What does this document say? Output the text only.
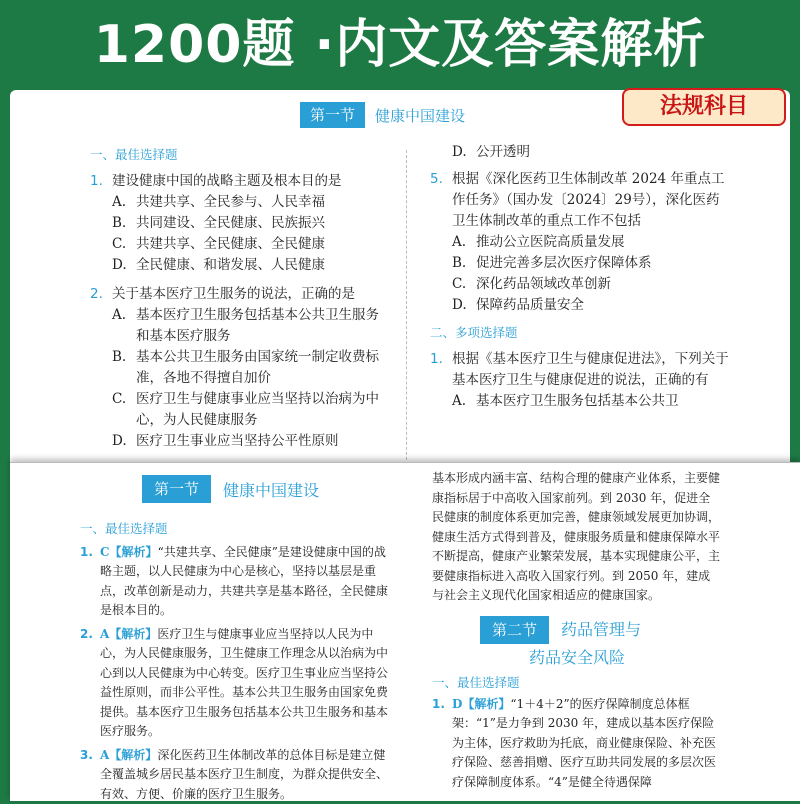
1200题 ·内文及答案解析
法规科目
第一节	健康中国建设
一、最佳选择题
1. 建设健康中国的战略主题及根本目的是
A. 共建共享、全民参与、人民幸福
B. 共同建设、全民健康、民族振兴
C. 共建共享、全民健康、全民健康
D. 全民健康、和谐发展、人民健康
2. 关于基本医疗卫生服务的说法，正确的是
A. 基本医疗卫生服务包括基本公共卫生服务和基本医疗服务
B. 基本公共卫生服务由国家统一制定收费标准，各地不得擅自加价
C. 医疗卫生与健康事业应当坚持以治病为中心，为人民健康服务
D. 医疗卫生事业应当坚持公平性原则
D. 公开透明
5. 根据《深化医药卫生体制改革 2024 年重点工作任务》（国办发〔2024〕29号），深化医药卫生体制改革的重点工作不包括
A. 推动公立医院高质量发展
B. 促进完善多层次医疗保障体系
C. 深化药品领域改革创新
D. 保障药品质量安全
二、多项选择题
1. 根据《基本医疗卫生与健康促进法》，下列关于基本医疗卫生与健康促进的说法，正确的有
A. 基本医疗卫生服务包括基本公共卫
第一节	健康中国建设
一、最佳选择题
1. C【解析】“共建共享、全民健康”是建设健康中国的战略主题，以人民健康为中心是核心，坚持以基层是重点，改革创新是动力，共建共享是基本路径，全民健康是根本目的。
2. A【解析】医疗卫生与健康事业应当坚持以人民为中心，为人民健康服务，卫生健康工作理念从以治病为中心到以人民健康为中心转变。医疗卫生事业应当坚持公益性原则，而非公平性。基本公共卫生服务由国家免费提供。基本医疗卫生服务包括基本公共卫生服务和基本医疗服务。
3. A【解析】深化医药卫生体制改革的总体目标是建立健全覆盖城乡居民基本医疗卫生制度，为群众提供安全、有效、方便、价廉的医疗卫生服务。
基本形成内涵丰富、结构合理的健康产业体系，主要健康指标居于中高收入国家前列。到 2030 年，促进全民健康的制度体系更加完善，健康领域发展更加协调，健康生活方式得到普及，健康服务质量和健康保障水平不断提高，健康产业繁荣发展，基本实现健康公平，主要健康指标进入高收入国家行列。到 2050 年，建成与社会主义现代化国家相适应的健康国家。
第二节	药品管理与
药品安全风险
一、最佳选择题
1. D【解析】“1＋4＋2”的医疗保障制度总体框架：“1”是力争到 2030 年，建成以基本医疗保险为主体，医疗救助为托底，商业健康保险、补充医疗保险、慈善捐赠、医疗互助共同发展的多层次医疗保障制度体系。“4”是健全待遇保障
